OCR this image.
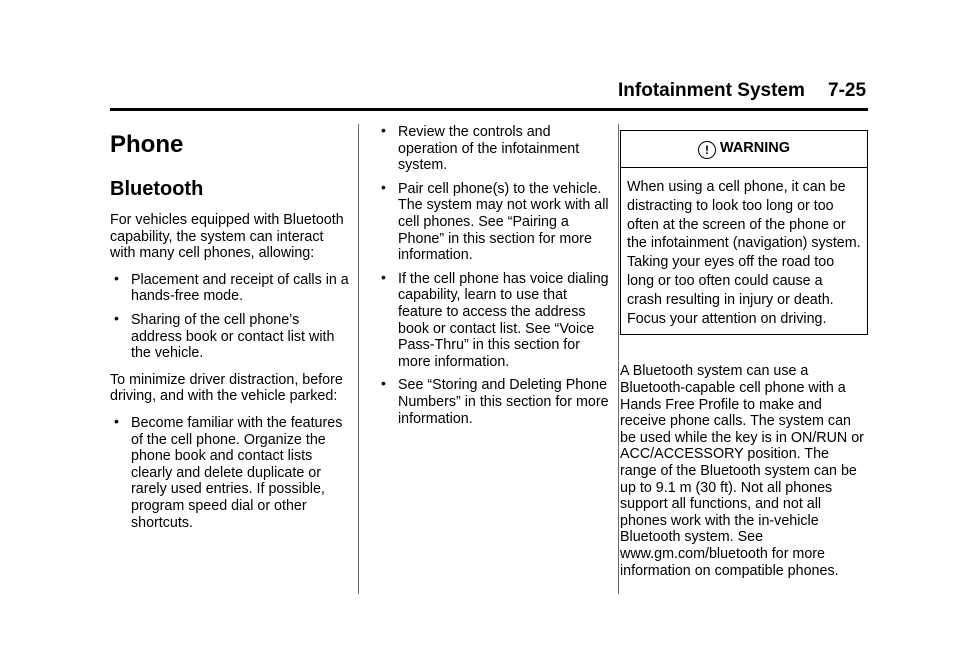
Infotainment System 7-25
Phone
Bluetooth

For vehicles equipped with Bluetooth capability, the system can interact with many cell phones, allowing:

• Placement and receipt of calls in a hands-free mode.
• Sharing of the cell phone’s address book or contact list with the vehicle.

To minimize driver distraction, before driving, and with the vehicle parked:

• Become familiar with the features of the cell phone. Organize the phone book and contact lists clearly and delete duplicate or rarely used entries. If possible, program speed dial or other shortcuts.
• Review the controls and operation of the infotainment system.
• Pair cell phone(s) to the vehicle. The system may not work with all cell phones. See “Pairing a Phone” in this section for more information.
• If the cell phone has voice dialing capability, learn to use that feature to access the address book or contact list. See “Voice Pass-Thru” in this section for more information.
• See “Storing and Deleting Phone Numbers” in this section for more information.
! WARNING
When using a cell phone, it can be distracting to look too long or too often at the screen of the phone or the infotainment (navigation) system. Taking your eyes off the road too long or too often could cause a crash resulting in injury or death. Focus your attention on driving.

A Bluetooth system can use a Bluetooth-capable cell phone with a Hands Free Profile to make and receive phone calls. The system can be used while the key is in ON/RUN or ACC/ACCESSORY position. The range of the Bluetooth system can be up to 9.1 m (30 ft). Not all phones support all functions, and not all phones work with the in-vehicle Bluetooth system. See www.gm.com/bluetooth for more information on compatible phones.
